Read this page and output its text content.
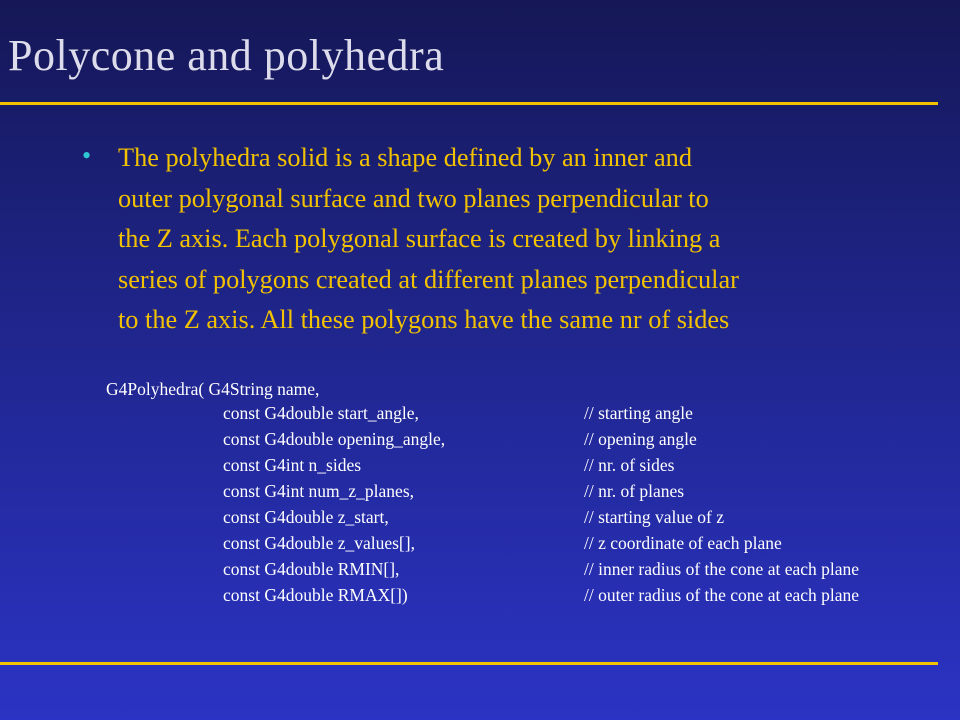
Polycone and polyhedra
• The polyhedra solid is a shape defined by an inner and
outer polygonal surface and two planes perpendicular to
the Z axis. Each polygonal surface is created by linking a
series of polygons created at different planes perpendicular
to the Z axis. All these polygons have the same nr of sides
G4Polyhedra( G4String name,
const G4double start_angle,	// starting angle
const G4double opening_angle,	// opening angle
const G4int n_sides	// nr. of sides
const G4int num_z_planes,	// nr. of planes
const G4double z_start,	// starting value of z
const G4double z_values[],	// z coordinate of each plane
const G4double RMIN[],	// inner radius of the cone at each plane
const G4double RMAX[])	// outer radius of the cone at each plane
